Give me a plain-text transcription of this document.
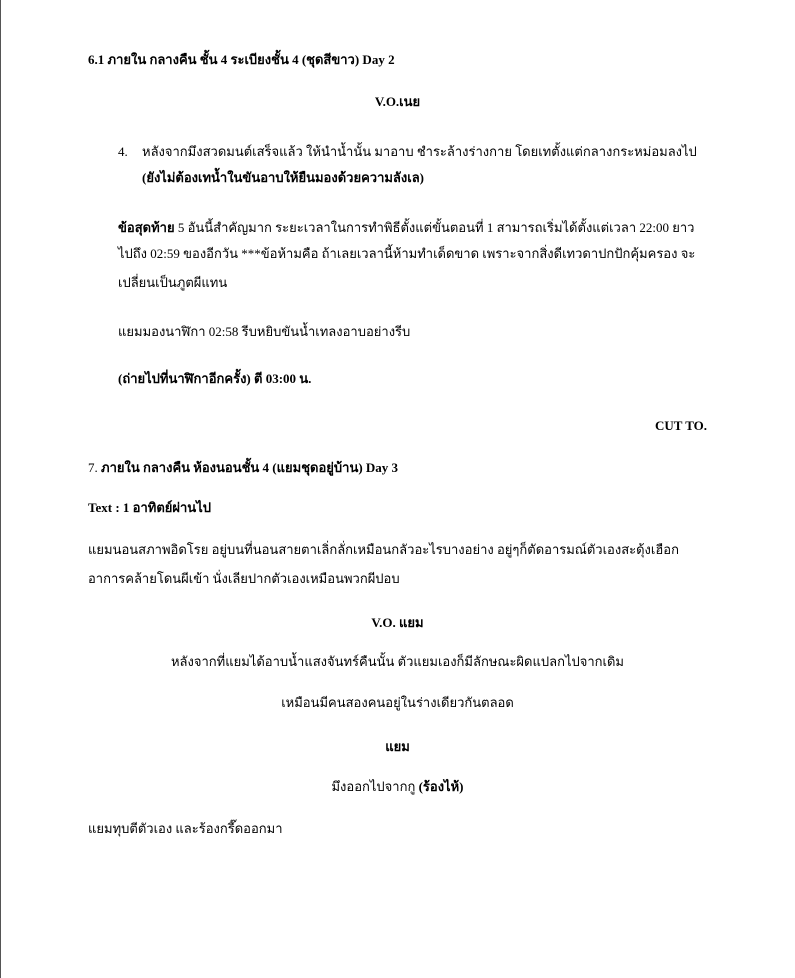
6.1 ภายใน กลางคืน ชั้น 4 ระเบียงชั้น 4 (ชุดสีขาว) Day 2
V.O.เนย
4. หลังจากมึงสวดมนต์เสร็จแล้ว ให้นำน้ำนั้น มาอาบ ชำระล้างร่างกาย โดยเทตั้งแต่กลางกระหม่อมลงไป
(ยังไม่ต้องเทน้ำในขันอาบให้ยืนมองด้วยความลังเล)
ข้อสุดท้าย 5 อันนี้สำคัญมาก ระยะเวลาในการทำพิธีตั้งแต่ขั้นตอนที่ 1 สามารถเริ่มได้ตั้งแต่เวลา 22:00 ยาว
ไปถึง 02:59 ของอีกวัน ***ข้อห้ามคือ ถ้าเลยเวลานี้ห้ามทำเด็ดขาด เพราะจากสิ่งดีเทวดาปกปักคุ้มครอง จะ
เปลี่ยนเป็นภูตผีแทน
แยมมองนาฬิกา 02:58 รีบหยิบขันน้ำเทลงอาบอย่างรีบ
(ถ่ายไปที่นาฬิกาอีกครั้ง) ตี 03:00 น.
CUT TO.
7. ภายใน กลางคืน ห้องนอนชั้น 4 (แยมชุดอยู่บ้าน) Day 3
Text : 1 อาทิตย์ผ่านไป
แยมนอนสภาพอิดโรย อยู่บนที่นอนสายตาเลิ่กลั่กเหมือนกลัวอะไรบางอย่าง อยู่ๆก็ตัดอารมณ์ตัวเองสะดุ้งเฮือก
อาการคล้ายโดนผีเข้า นั่งเลียปากตัวเองเหมือนพวกผีปอบ
V.O. แยม
หลังจากที่แยมได้อาบน้ำแสงจันทร์คืนนั้น ตัวแยมเองก็มีลักษณะผิดแปลกไปจากเดิม
เหมือนมีคนสองคนอยู่ในร่างเดียวกันตลอด
แยม
มึงออกไปจากกู (ร้องไห้)
แยมทุบตีตัวเอง และร้องกรี๊ดออกมา
